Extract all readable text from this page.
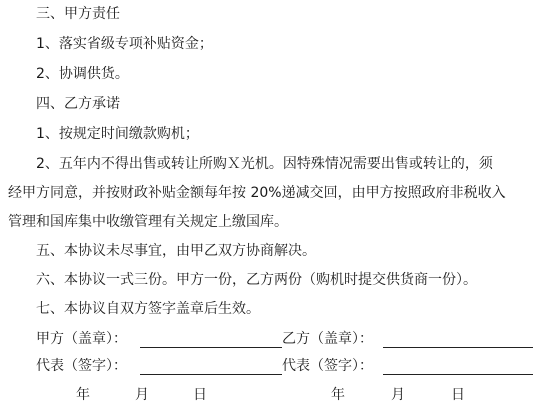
三、甲方责任
1、落实省级专项补贴资金；
2、协调供货。
四、乙方承诺
1、按规定时间缴款购机；
2、五年内不得出售或转让所购Ｘ光机。因特殊情况需要出售或转让的，须
经甲方同意，并按财政补贴金额每年按 20%递减交回，由甲方按照政府非税收入
管理和国库集中收缴管理有关规定上缴国库。
五、本协议未尽事宜，由甲乙双方协商解决。
六、本协议一式三份。甲方一份，乙方两份（购机时提交供货商一份）。
七、本协议自双方签字盖章后生效。
甲方（盖章）：	乙方（盖章）：
代表（签字）：	代表（签字）：
年	月	日	年	月	日
